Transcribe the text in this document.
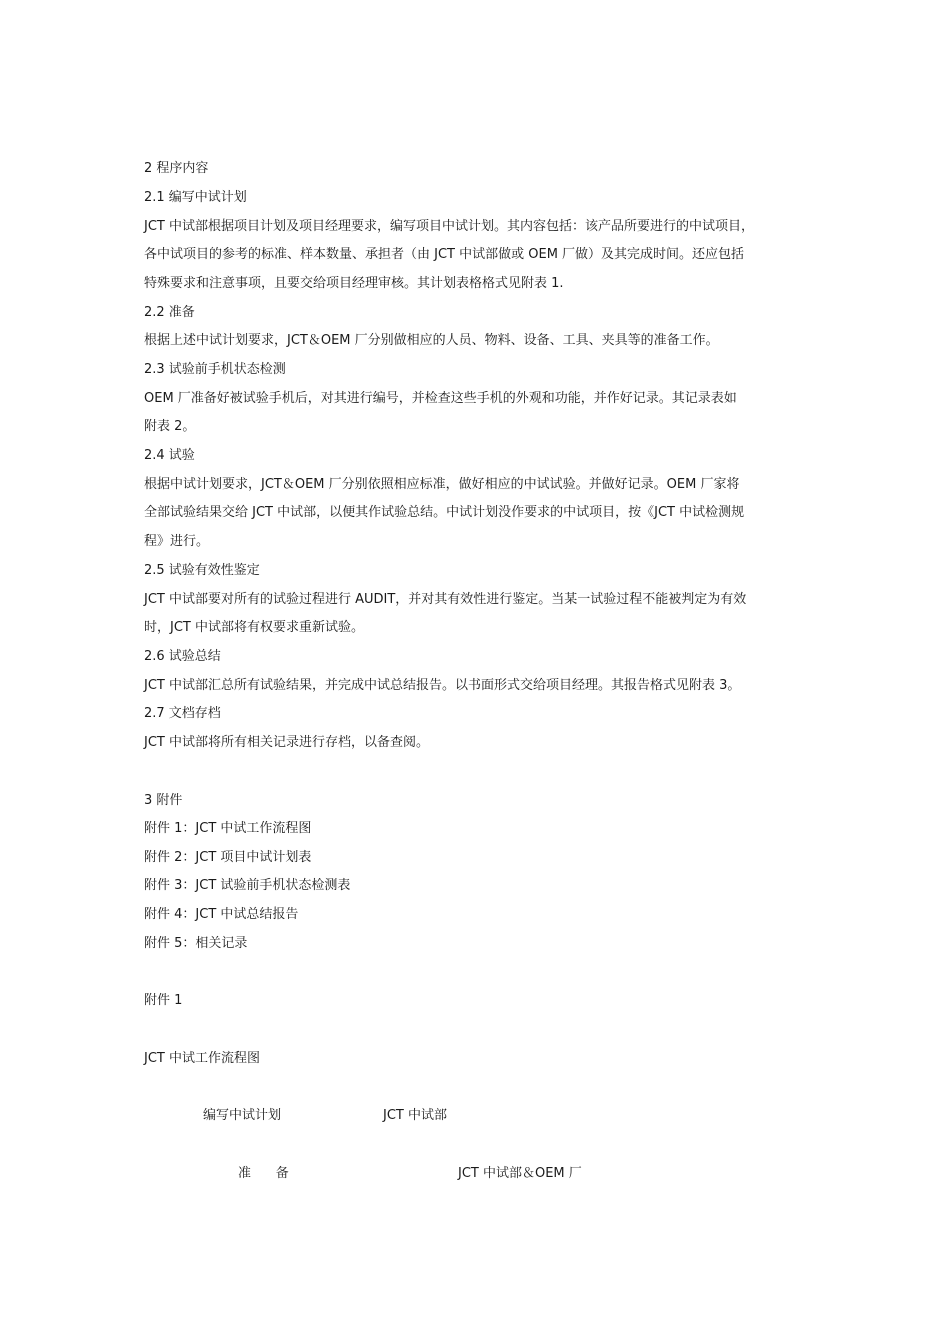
2 程序内容
2.1 编写中试计划
JCT 中试部根据项目计划及项目经理要求，编写项目中试计划。其内容包括：该产品所要进行的中试项目，
各中试项目的参考的标准、样本数量、承担者（由 JCT 中试部做或 OEM 厂做）及其完成时间。还应包括
特殊要求和注意事项，且要交给项目经理审核。其计划表格格式见附表 1.
2.2 准备
根据上述中试计划要求，JCT＆OEM 厂分别做相应的人员、物料、设备、工具、夹具等的准备工作。
2.3 试验前手机状态检测
OEM 厂准备好被试验手机后，对其进行编号，并检查这些手机的外观和功能，并作好记录。其记录表如
附表 2。
2.4 试验
根据中试计划要求，JCT＆OEM 厂分别依照相应标准，做好相应的中试试验。并做好记录。OEM 厂家将
全部试验结果交给 JCT 中试部，以便其作试验总结。中试计划没作要求的中试项目，按《JCT 中试检测规
程》进行。
2.5 试验有效性鉴定
JCT 中试部要对所有的试验过程进行 AUDIT，并对其有效性进行鉴定。当某一试验过程不能被判定为有效
时，JCT 中试部将有权要求重新试验。
2.6 试验总结
JCT 中试部汇总所有试验结果，并完成中试总结报告。以书面形式交给项目经理。其报告格式见附表 3。
2.7 文档存档
JCT 中试部将所有相关记录进行存档，以备查阅。
3 附件
附件 1：JCT 中试工作流程图
附件 2：JCT 项目中试计划表
附件 3：JCT 试验前手机状态检测表
附件 4：JCT 中试总结报告
附件 5：相关记录
附件 1
JCT 中试工作流程图
编写中试计划	JCT 中试部
准      备	JCT 中试部＆OEM 厂
